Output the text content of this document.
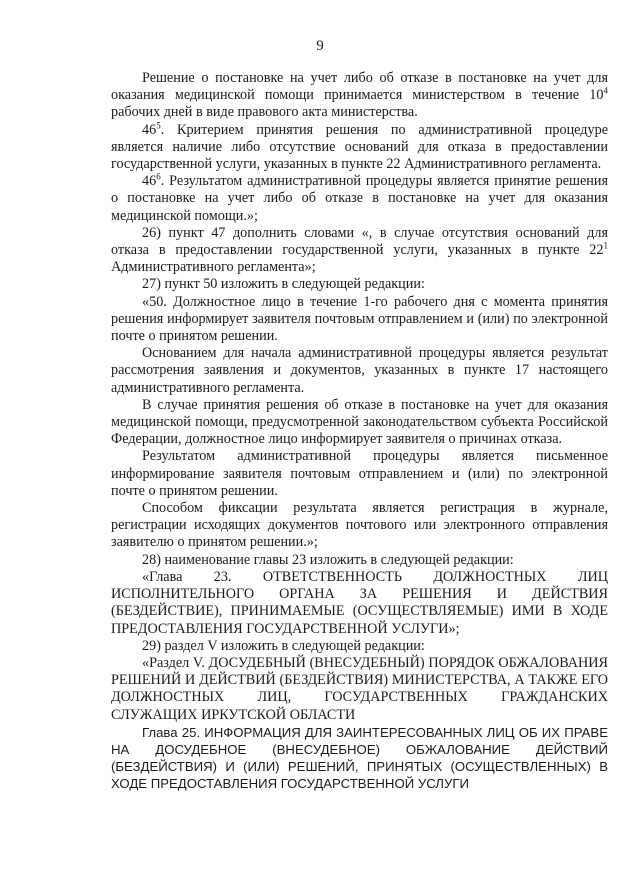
9

Решение о постановке на учет либо об отказе в постановке на учет для оказания медицинской помощи принимается министерством в течение $10^4$ рабочих дней в виде правового акта министерства.

$46^5$. Критерием принятия решения по административной процедуре является наличие либо отсутствие оснований для отказа в предоставлении государственной услуги, указанных в пункте 22 Административного регламента.

$46^6$. Результатом административной процедуры является принятие решения о постановке на учет либо об отказе в постановке на учет для оказания медицинской помощи.»;

26) пункт 47 дополнить словами «, в случае отсутствия оснований для отказа в предоставлении государственной услуги, указанных в пункте $22^1$ Административного регламента»;

27) пункт 50 изложить в следующей редакции:

«50. Должностное лицо в течение 1-го рабочего дня с момента принятия решения информирует заявителя почтовым отправлением и (или) по электронной почте о принятом решении.

Основанием для начала административной процедуры является результат рассмотрения заявления и документов, указанных в пункте 17 настоящего административного регламента.

В случае принятия решения об отказе в постановке на учет для оказания медицинской помощи, предусмотренной законодательством субъекта Российской Федерации, должностное лицо информирует заявителя о причинах отказа.

Результатом административной процедуры является письменное информирование заявителя почтовым отправлением и (или) по электронной почте о принятом решении.

Способом фиксации результата является регистрация в журнале, регистрации исходящих документов почтового или электронного отправления заявителю о принятом решении.»;

28) наименование главы 23 изложить в следующей редакции:

«Глава 23. ОТВЕТСТВЕННОСТЬ ДОЛЖНОСТНЫХ ЛИЦ ИСПОЛНИТЕЛЬНОГО ОРГАНА ЗА РЕШЕНИЯ И ДЕЙСТВИЯ (БЕЗДЕЙСТВИЕ), ПРИНИМАЕМЫЕ (ОСУЩЕСТВЛЯЕМЫЕ) ИМИ В ХОДЕ ПРЕДОСТАВЛЕНИЯ ГОСУДАРСТВЕННОЙ УСЛУГИ»;

29) раздел V изложить в следующей редакции:

«Раздел V. ДОСУДЕБНЫЙ (ВНЕСУДЕБНЫЙ) ПОРЯДОК ОБЖАЛОВАНИЯ РЕШЕНИЙ И ДЕЙСТВИЙ (БЕЗДЕЙСТВИЯ) МИНИСТЕРСТВА, А ТАКЖЕ ЕГО ДОЛЖНОСТНЫХ ЛИЦ, ГОСУДАРСТВЕННЫХ ГРАЖДАНСКИХ СЛУЖАЩИХ ИРКУТСКОЙ ОБЛАСТИ

Глава 25. ИНФОРМАЦИЯ ДЛЯ ЗАИНТЕРЕСОВАННЫХ ЛИЦ ОБ ИХ ПРАВЕ НА ДОСУДЕБНОЕ (ВНЕСУДЕБНОЕ) ОБЖАЛОВАНИЕ ДЕЙСТВИЙ (БЕЗДЕЙСТВИЯ) И (ИЛИ) РЕШЕНИЙ, ПРИНЯТЫХ (ОСУЩЕСТВЛЕННЫХ) В ХОДЕ ПРЕДОСТАВЛЕНИЯ ГОСУДАРСТВЕННОЙ УСЛУГИ
